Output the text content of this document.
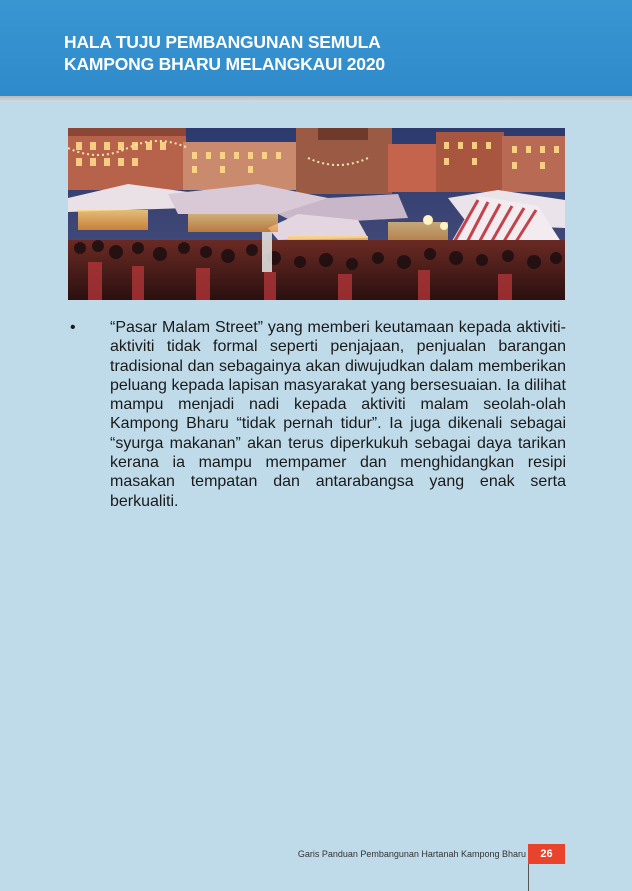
HALA TUJU PEMBANGUNAN SEMULA
KAMPONG BHARU MELANGKAUI 2020
• “Pasar Malam Street” yang memberi keutamaan kepada aktiviti-aktiviti tidak formal seperti penjajaan, penjualan barangan tradisional dan sebagainya akan diwujudkan dalam memberikan peluang kepada lapisan masyarakat yang bersesuaian. Ia dilihat mampu menjadi nadi kepada aktiviti malam seolah-olah Kampong Bharu “tidak pernah tidur”. Ia juga dikenali sebagai “syurga makanan” akan terus diperkukuh sebagai daya tarikan kerana ia mampu mempamer dan menghidangkan resipi masakan tempatan dan antarabangsa yang enak serta berkualiti.

Garis Panduan Pembangunan Hartanah Kampong Bharu	26
